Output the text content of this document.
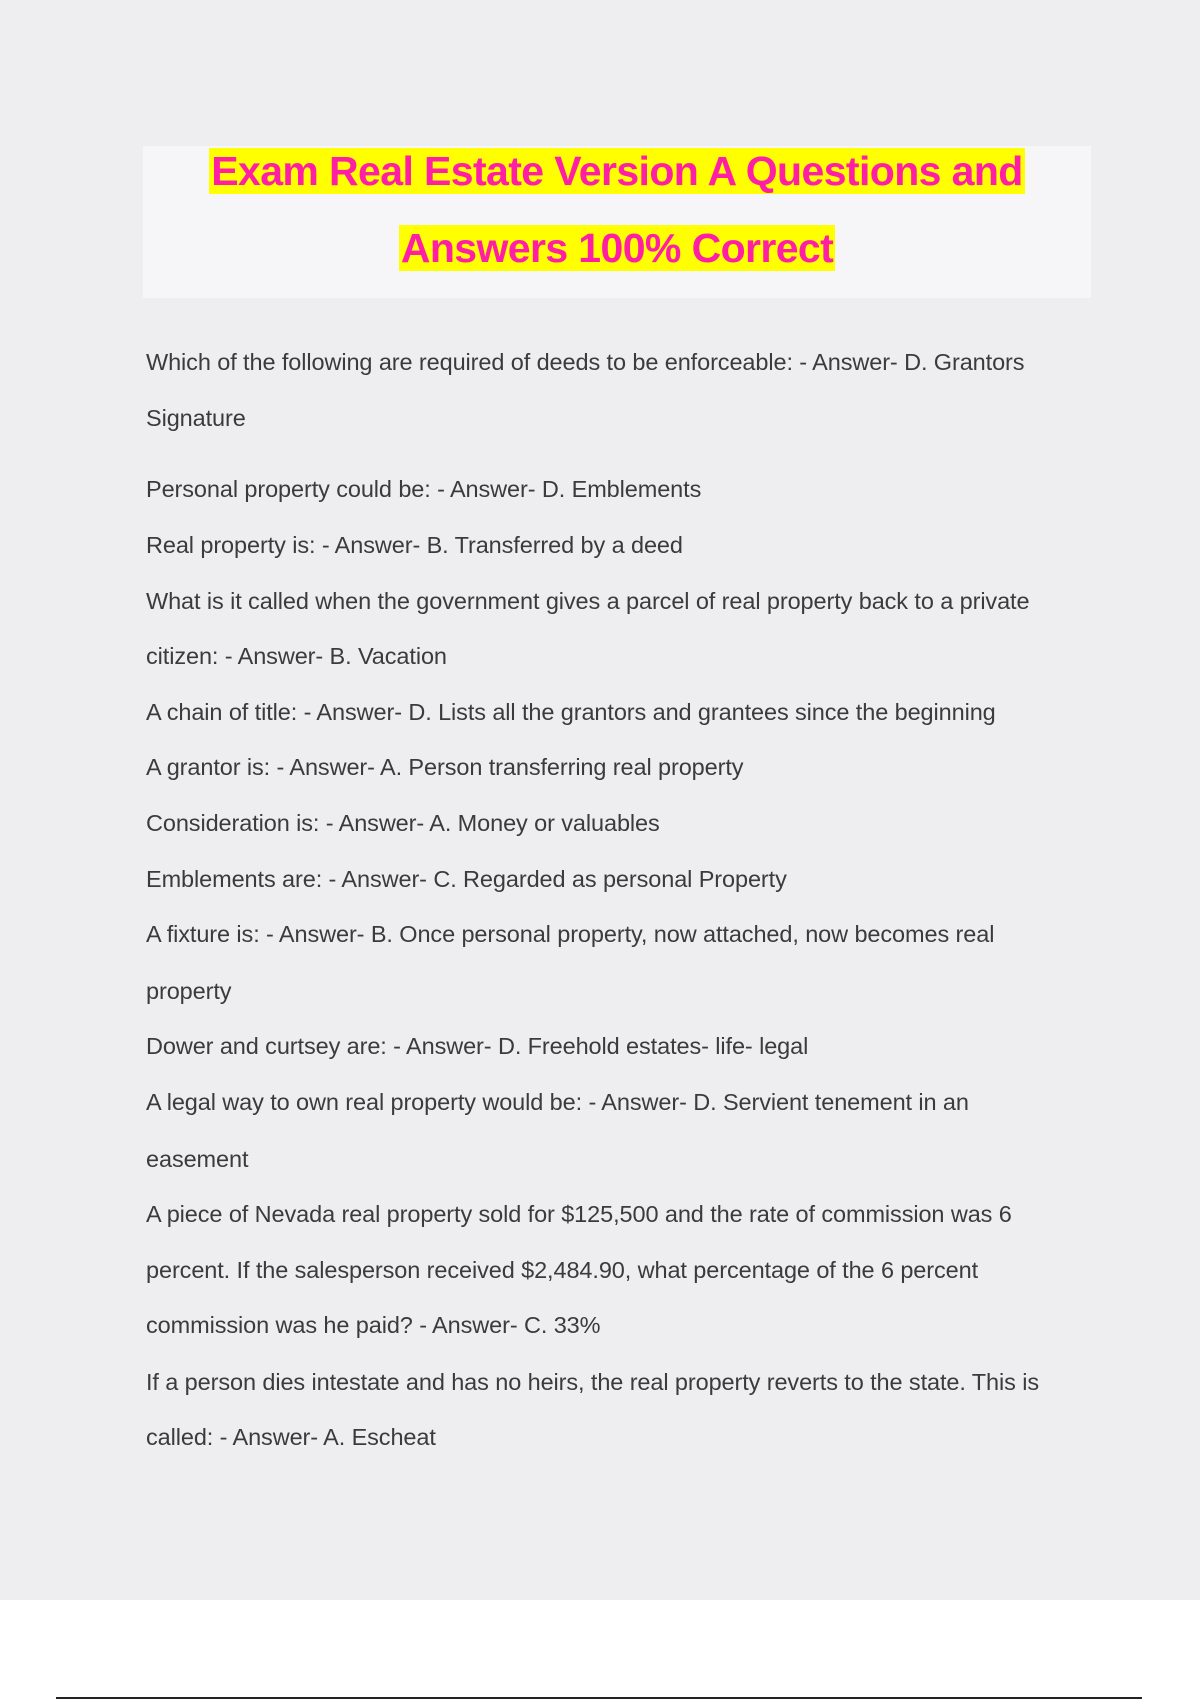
Exam Real Estate Version A Questions and
Answers 100% Correct
Which of the following are required of deeds to be enforceable: - Answer- D. Grantors
Signature
Personal property could be: - Answer- D. Emblements
Real property is: - Answer- B. Transferred by a deed
What is it called when the government gives a parcel of real property back to a private
citizen: - Answer- B. Vacation
A chain of title: - Answer- D. Lists all the grantors and grantees since the beginning
A grantor is: - Answer- A. Person transferring real property
Consideration is: - Answer- A. Money or valuables
Emblements are: - Answer- C. Regarded as personal Property
A fixture is: - Answer- B. Once personal property, now attached, now becomes real
property
Dower and curtsey are: - Answer- D. Freehold estates- life- legal
A legal way to own real property would be: - Answer- D. Servient tenement in an
easement
A piece of Nevada real property sold for $125,500 and the rate of commission was 6
percent. If the salesperson received $2,484.90, what percentage of the 6 percent
commission was he paid? - Answer- C. 33%
If a person dies intestate and has no heirs, the real property reverts to the state. This is
called: - Answer- A. Escheat
